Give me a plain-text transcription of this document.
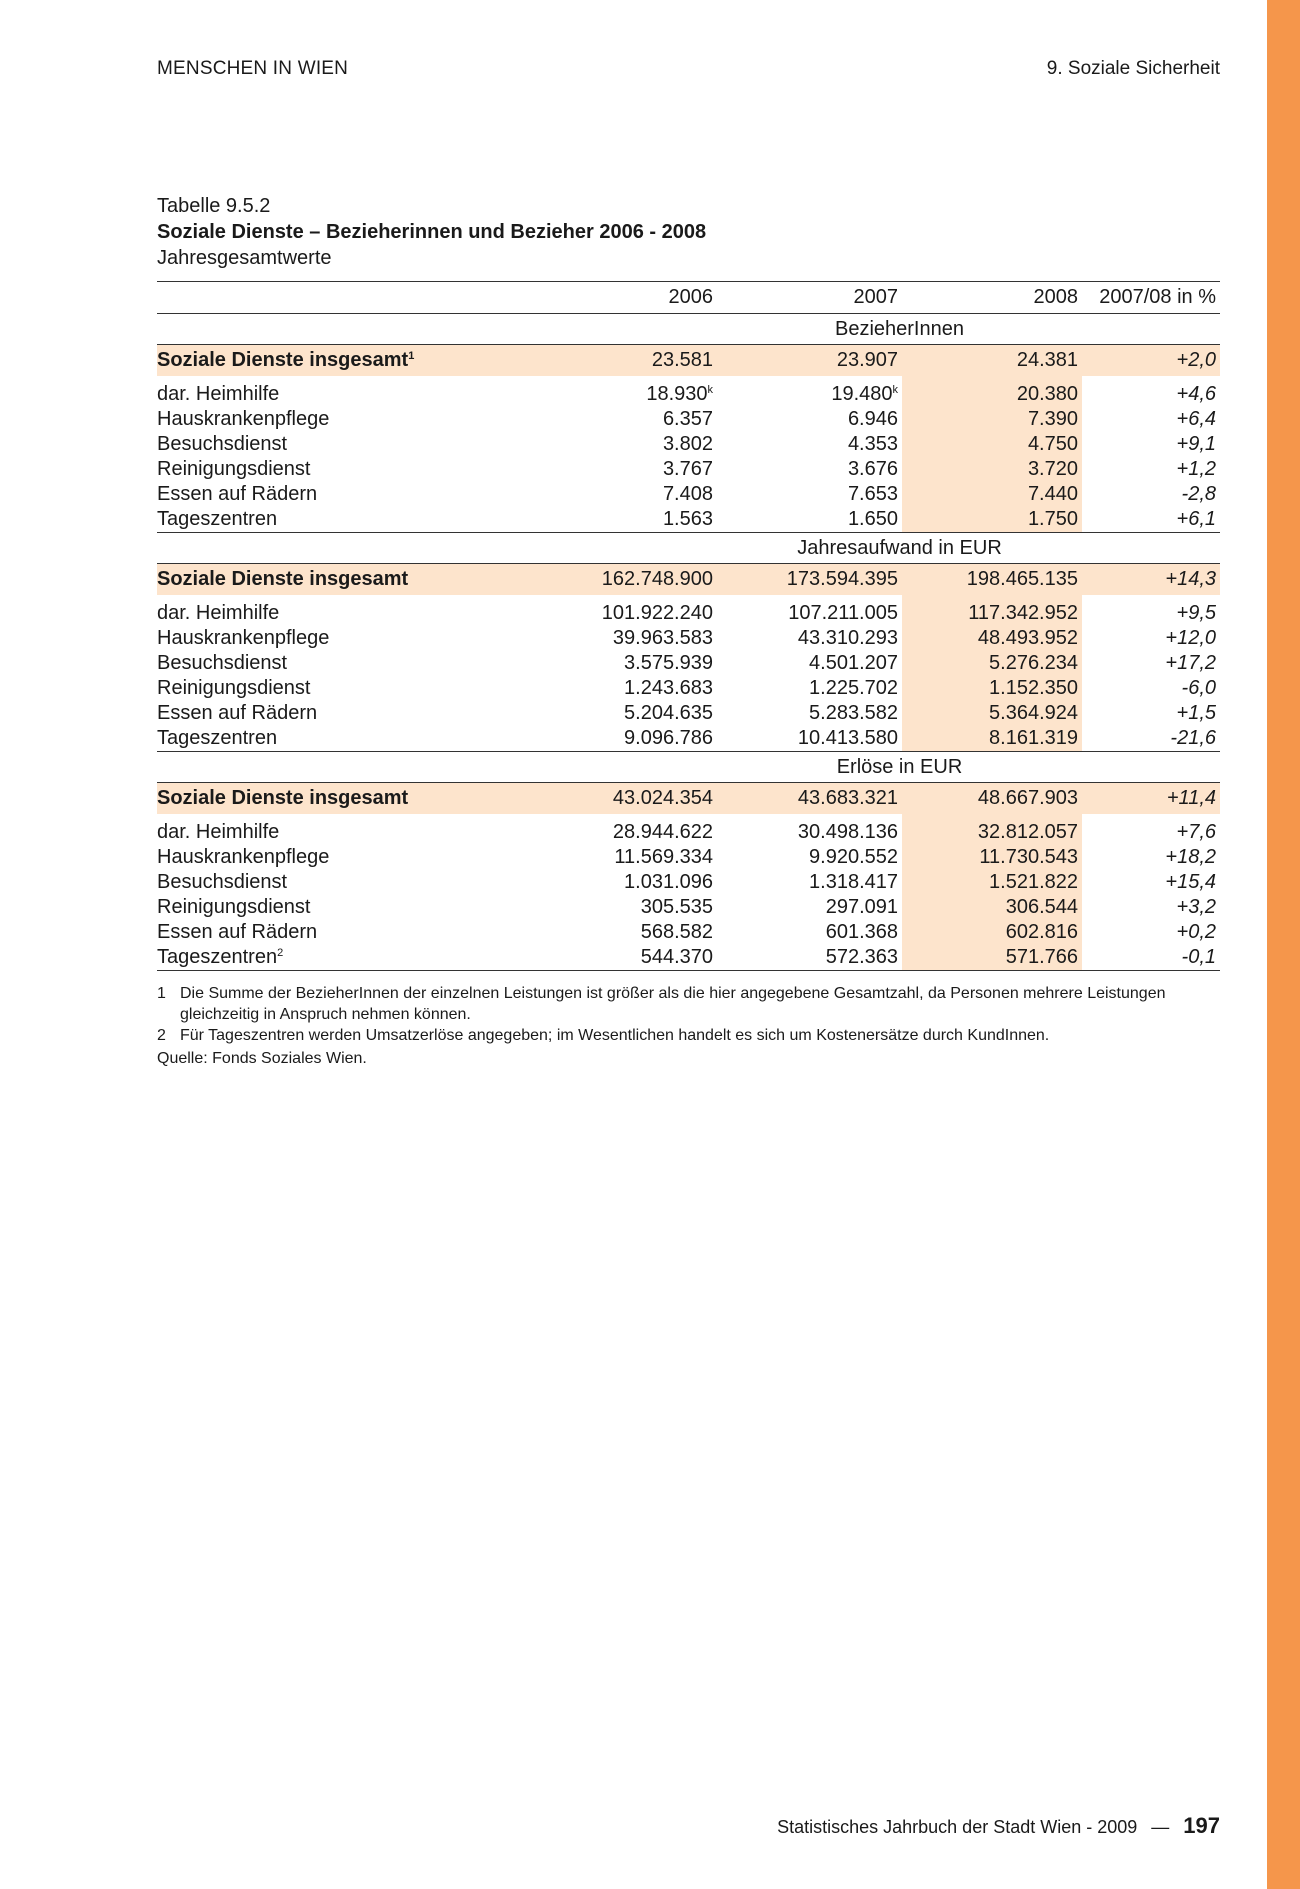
MENSCHEN IN WIEN	9. Soziale Sicherheit
Tabelle 9.5.2
Soziale Dienste – Bezieherinnen und Bezieher 2006 - 2008
Jahresgesamtwerte
	2006	2007	2008	2007/08 in %
		BezieherInnen		
Soziale Dienste insgesamt$^1$	23.581	23.907	24.381	+2,0
dar. Heimhilfe	18.930$^k$	19.480$^k$	20.380	+4,6
Hauskrankenpflege	6.357	6.946	7.390	+6,4
Besuchsdienst	3.802	4.353	4.750	+9,1
Reinigungsdienst	3.767	3.676	3.720	+1,2
Essen auf Rädern	7.408	7.653	7.440	-2,8
Tageszentren	1.563	1.650	1.750	+6,1
		Jahresaufwand in EUR		
Soziale Dienste insgesamt	162.748.900	173.594.395	198.465.135	+14,3
dar. Heimhilfe	101.922.240	107.211.005	117.342.952	+9,5
Hauskrankenpflege	39.963.583	43.310.293	48.493.952	+12,0
Besuchsdienst	3.575.939	4.501.207	5.276.234	+17,2
Reinigungsdienst	1.243.683	1.225.702	1.152.350	-6,0
Essen auf Rädern	5.204.635	5.283.582	5.364.924	+1,5
Tageszentren	9.096.786	10.413.580	8.161.319	-21,6
		Erlöse in EUR		
Soziale Dienste insgesamt	43.024.354	43.683.321	48.667.903	+11,4
dar. Heimhilfe	28.944.622	30.498.136	32.812.057	+7,6
Hauskrankenpflege	11.569.334	9.920.552	11.730.543	+18,2
Besuchsdienst	1.031.096	1.318.417	1.521.822	+15,4
Reinigungsdienst	305.535	297.091	306.544	+3,2
Essen auf Rädern	568.582	601.368	602.816	+0,2
Tageszentren$^2$	544.370	572.363	571.766	-0,1
1 Die Summe der BezieherInnen der einzelnen Leistungen ist größer als die hier angegebene Gesamtzahl, da Personen mehrere Leistungen gleichzeitig in Anspruch nehmen können.
2 Für Tageszentren werden Umsatzerlöse angegeben; im Wesentlichen handelt es sich um Kostenersätze durch KundInnen.
Quelle: Fonds Soziales Wien.
Statistisches Jahrbuch der Stadt Wien - 2009 — 197
